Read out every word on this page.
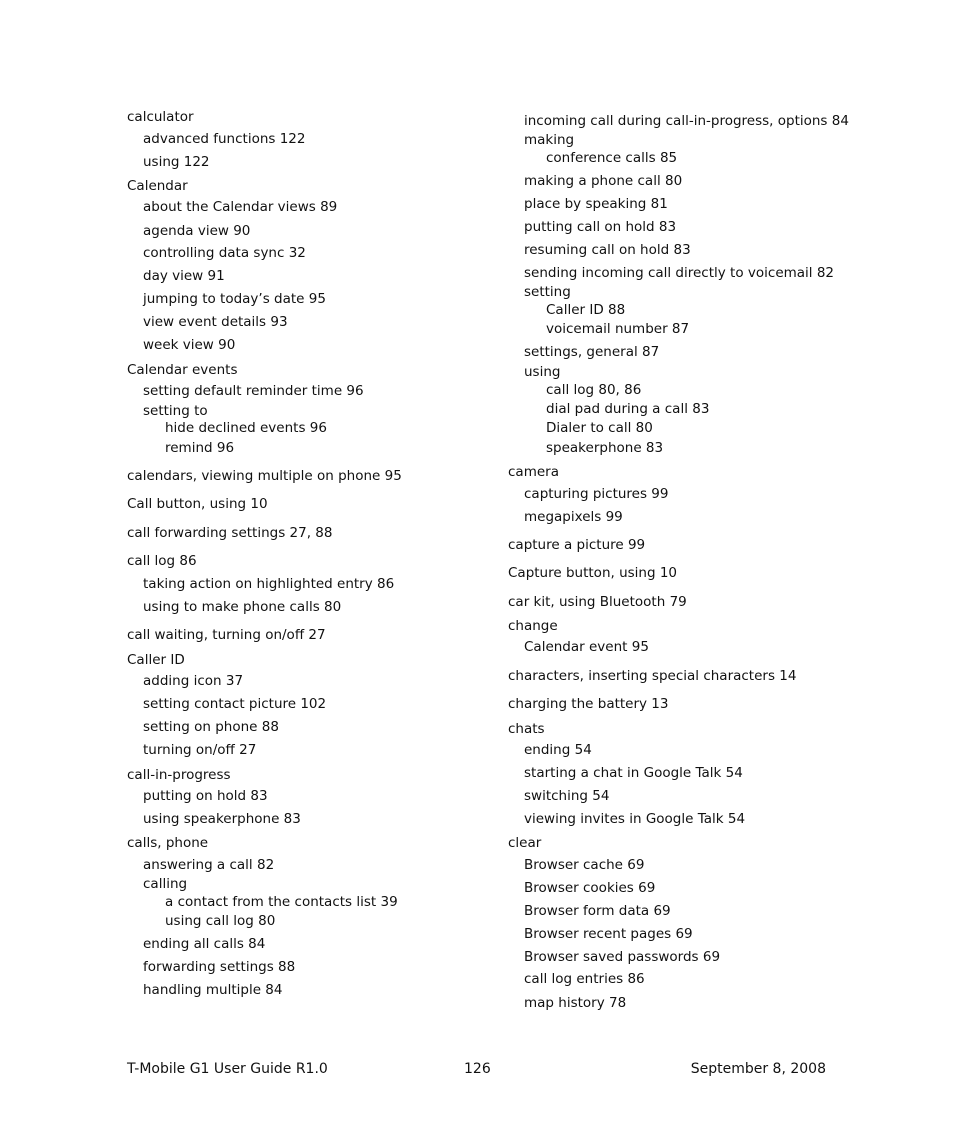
calculator
advanced functions 122
using 122
Calendar
about the Calendar views 89
agenda view 90
controlling data sync 32
day view 91
jumping to today’s date 95
view event details 93
week view 90
Calendar events
setting default reminder time 96
setting to
hide declined events 96
remind 96
calendars, viewing multiple on phone 95
Call button, using 10
call forwarding settings 27, 88
call log 86
taking action on highlighted entry 86
using to make phone calls 80
call waiting, turning on/off 27
Caller ID
adding icon 37
setting contact picture 102
setting on phone 88
turning on/off 27
call-in-progress
putting on hold 83
using speakerphone 83
calls, phone
answering a call 82
calling
a contact from the contacts list 39
using call log 80
ending all calls 84
forwarding settings 88
handling multiple 84
incoming call during call-in-progress, options 84
making
conference calls 85
making a phone call 80
place by speaking 81
putting call on hold 83
resuming call on hold 83
sending incoming call directly to voicemail 82
setting
Caller ID 88
voicemail number 87
settings, general 87
using
call log 80, 86
dial pad during a call 83
Dialer to call 80
speakerphone 83
camera
capturing pictures 99
megapixels 99
capture a picture 99
Capture button, using 10
car kit, using Bluetooth 79
change
Calendar event 95
characters, inserting special characters 14
charging the battery 13
chats
ending 54
starting a chat in Google Talk 54
switching 54
viewing invites in Google Talk 54
clear
Browser cache 69
Browser cookies 69
Browser form data 69
Browser recent pages 69
Browser saved passwords 69
call log entries 86
map history 78
T-Mobile G1 User Guide R1.0	126	September 8, 2008
